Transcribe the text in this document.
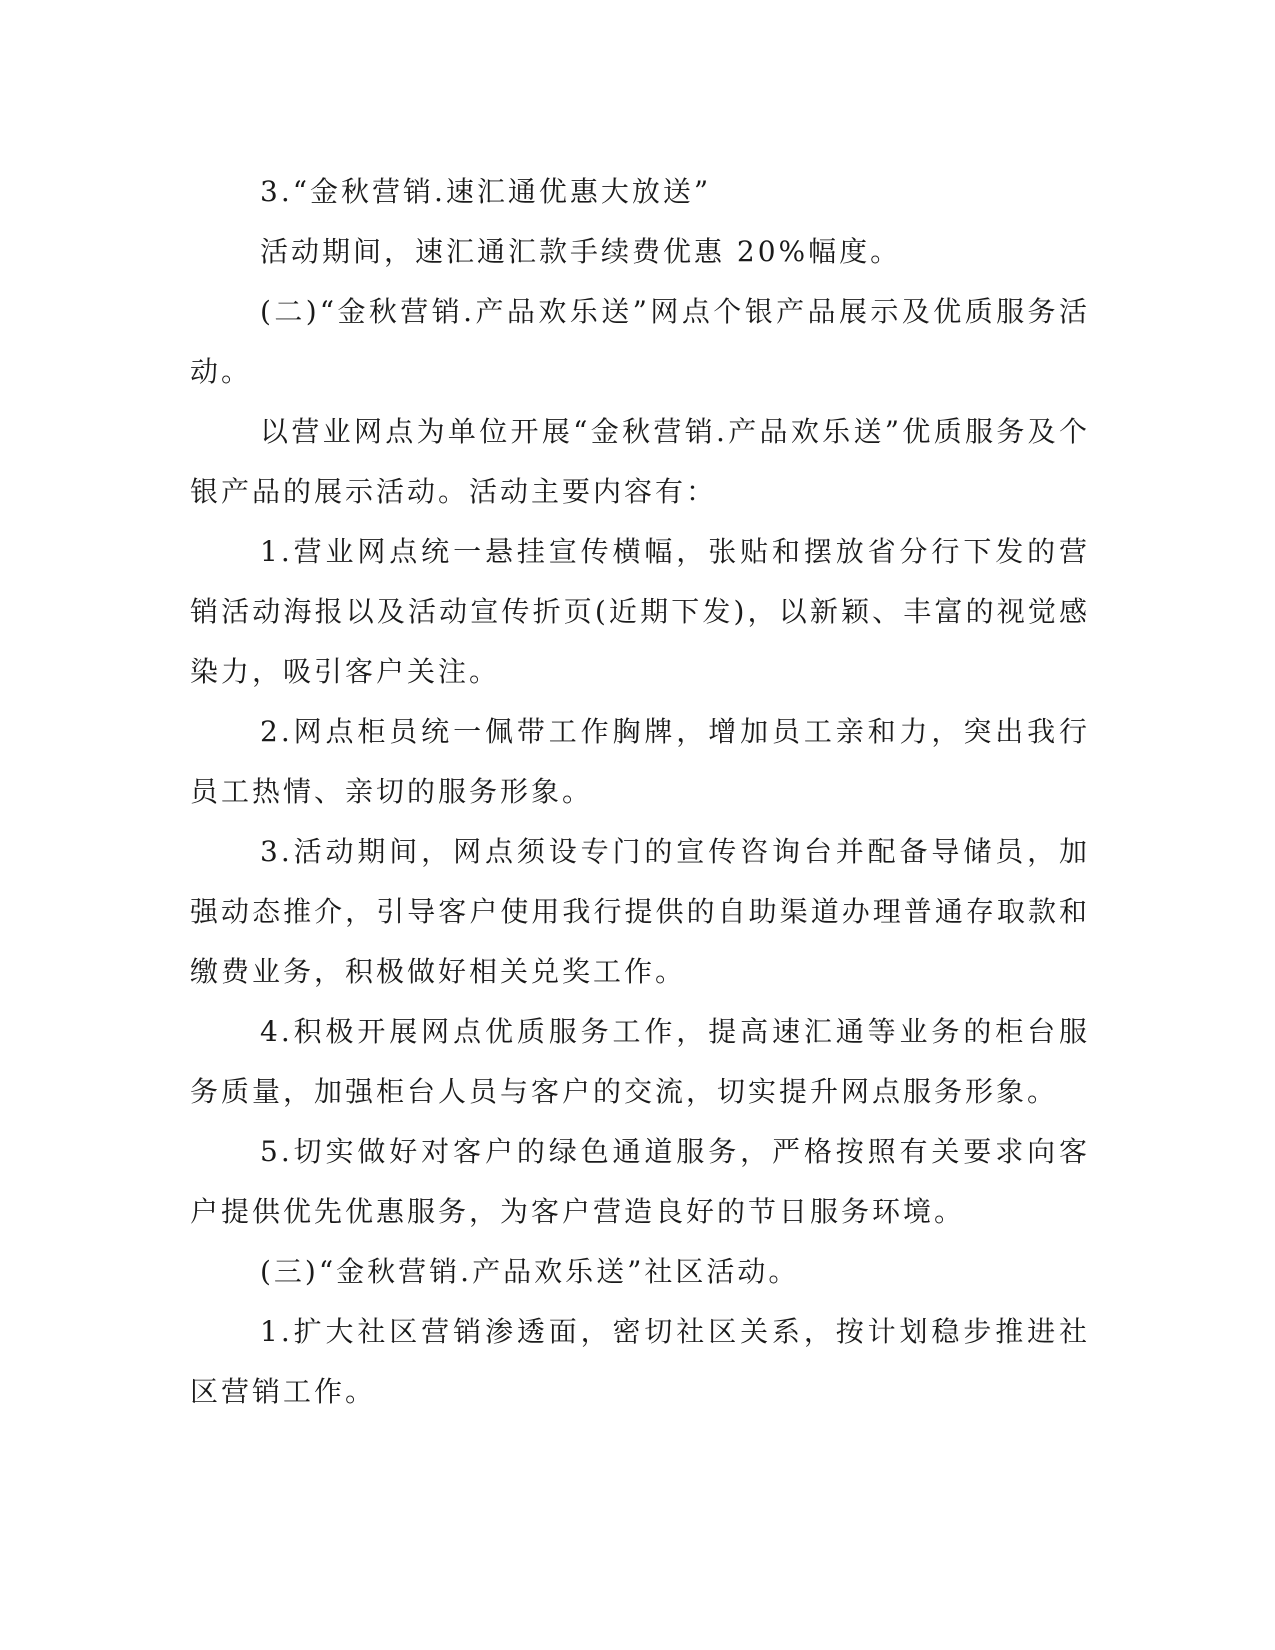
3.“金秋营销.速汇通优惠大放送”

活动期间，速汇通汇款手续费优惠 20%幅度。

(二)“金秋营销.产品欢乐送”网点个银产品展示及优质服务活动。

以营业网点为单位开展“金秋营销.产品欢乐送”优质服务及个银产品的展示活动。活动主要内容有：

1.营业网点统一悬挂宣传横幅，张贴和摆放省分行下发的营销活动海报以及活动宣传折页(近期下发)，以新颖、丰富的视觉感染力，吸引客户关注。

2.网点柜员统一佩带工作胸牌，增加员工亲和力，突出我行员工热情、亲切的服务形象。

3.活动期间，网点须设专门的宣传咨询台并配备导储员，加强动态推介，引导客户使用我行提供的自助渠道办理普通存取款和缴费业务，积极做好相关兑奖工作。

4.积极开展网点优质服务工作，提高速汇通等业务的柜台服务质量，加强柜台人员与客户的交流，切实提升网点服务形象。

5.切实做好对客户的绿色通道服务，严格按照有关要求向客户提供优先优惠服务，为客户营造良好的节日服务环境。

(三)“金秋营销.产品欢乐送”社区活动。

1.扩大社区营销渗透面，密切社区关系，按计划稳步推进社区营销工作。
